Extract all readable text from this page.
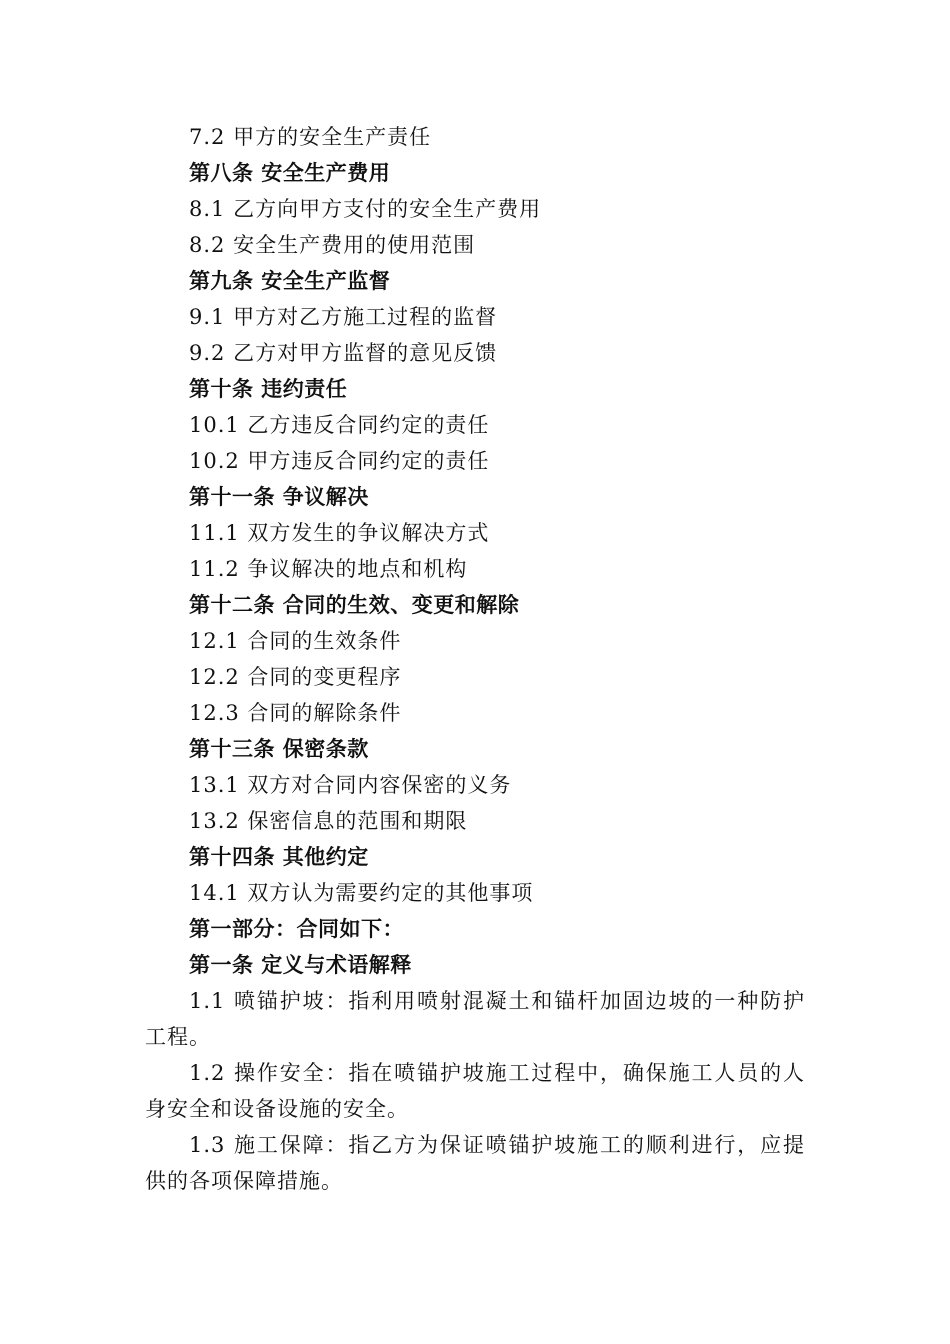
7.2 甲方的安全生产责任
第八条 安全生产费用
8.1 乙方向甲方支付的安全生产费用
8.2 安全生产费用的使用范围
第九条 安全生产监督
9.1 甲方对乙方施工过程的监督
9.2 乙方对甲方监督的意见反馈
第十条 违约责任
10.1 乙方违反合同约定的责任
10.2 甲方违反合同约定的责任
第十一条 争议解决
11.1 双方发生的争议解决方式
11.2 争议解决的地点和机构
第十二条 合同的生效、变更和解除
12.1 合同的生效条件
12.2 合同的变更程序
12.3 合同的解除条件
第十三条 保密条款
13.1 双方对合同内容保密的义务
13.2 保密信息的范围和期限
第十四条 其他约定
14.1 双方认为需要约定的其他事项
第一部分：合同如下：
第一条 定义与术语解释
1.1 喷锚护坡：指利用喷射混凝土和锚杆加固边坡的一种防护工程。
1.2 操作安全：指在喷锚护坡施工过程中，确保施工人员的人身安全和设备设施的安全。
1.3 施工保障：指乙方为保证喷锚护坡施工的顺利进行，应提供的各项保障措施。
